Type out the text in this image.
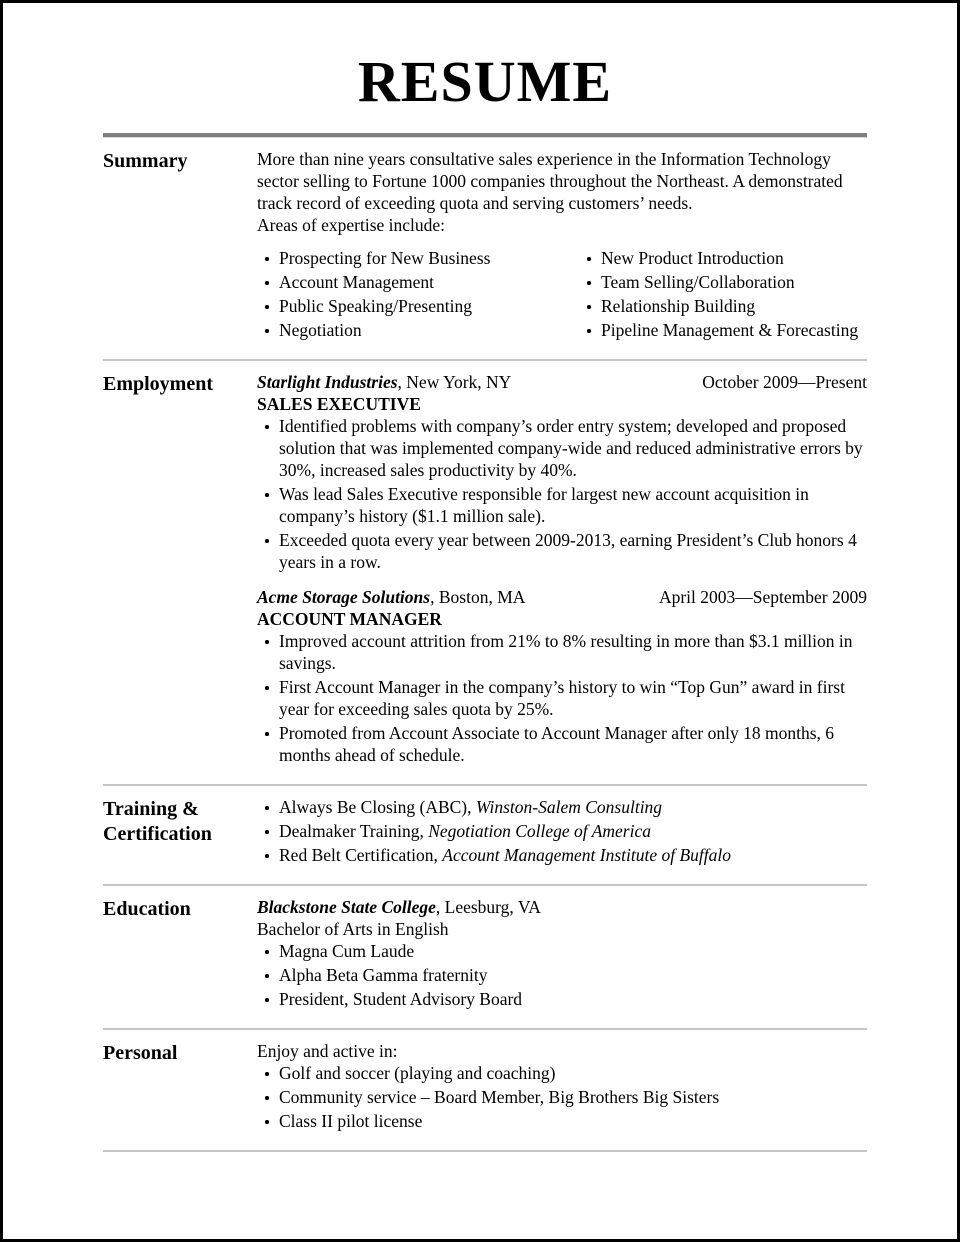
RESUME
Summary	More than nine years consultative sales experience in the Information Technology sector selling to Fortune 1000 companies throughout the Northeast. A demonstrated track record of exceeding quota and serving customers’ needs.
Areas of expertise include:
Prospecting for New Business
Account Management
Public Speaking/Presenting
Negotiation
New Product Introduction
Team Selling/Collaboration
Relationship Building
Pipeline Management & Forecasting
Employment	Starlight Industries, New York, NY	October 2009—Present
SALES EXECUTIVE
Identified problems with company’s order entry system; developed and proposed solution that was implemented company-wide and reduced administrative errors by 30%, increased sales productivity by 40%.
Was lead Sales Executive responsible for largest new account acquisition in company’s history ($1.1 million sale).
Exceeded quota every year between 2009-2013, earning President’s Club honors 4 years in a row.
Acme Storage Solutions, Boston, MA	April 2003—September 2009
ACCOUNT MANAGER
Improved account attrition from 21% to 8% resulting in more than $3.1 million in savings.
First Account Manager in the company’s history to win “Top Gun” award in first year for exceeding sales quota by 25%.
Promoted from Account Associate to Account Manager after only 18 months, 6 months ahead of schedule.
Training & Certification
Always Be Closing (ABC), Winston-Salem Consulting
Dealmaker Training, Negotiation College of America
Red Belt Certification, Account Management Institute of Buffalo
Education	Blackstone State College, Leesburg, VA
Bachelor of Arts in English
Magna Cum Laude
Alpha Beta Gamma fraternity
President, Student Advisory Board
Personal	Enjoy and active in:
Golf and soccer (playing and coaching)
Community service – Board Member, Big Brothers Big Sisters
Class II pilot license
